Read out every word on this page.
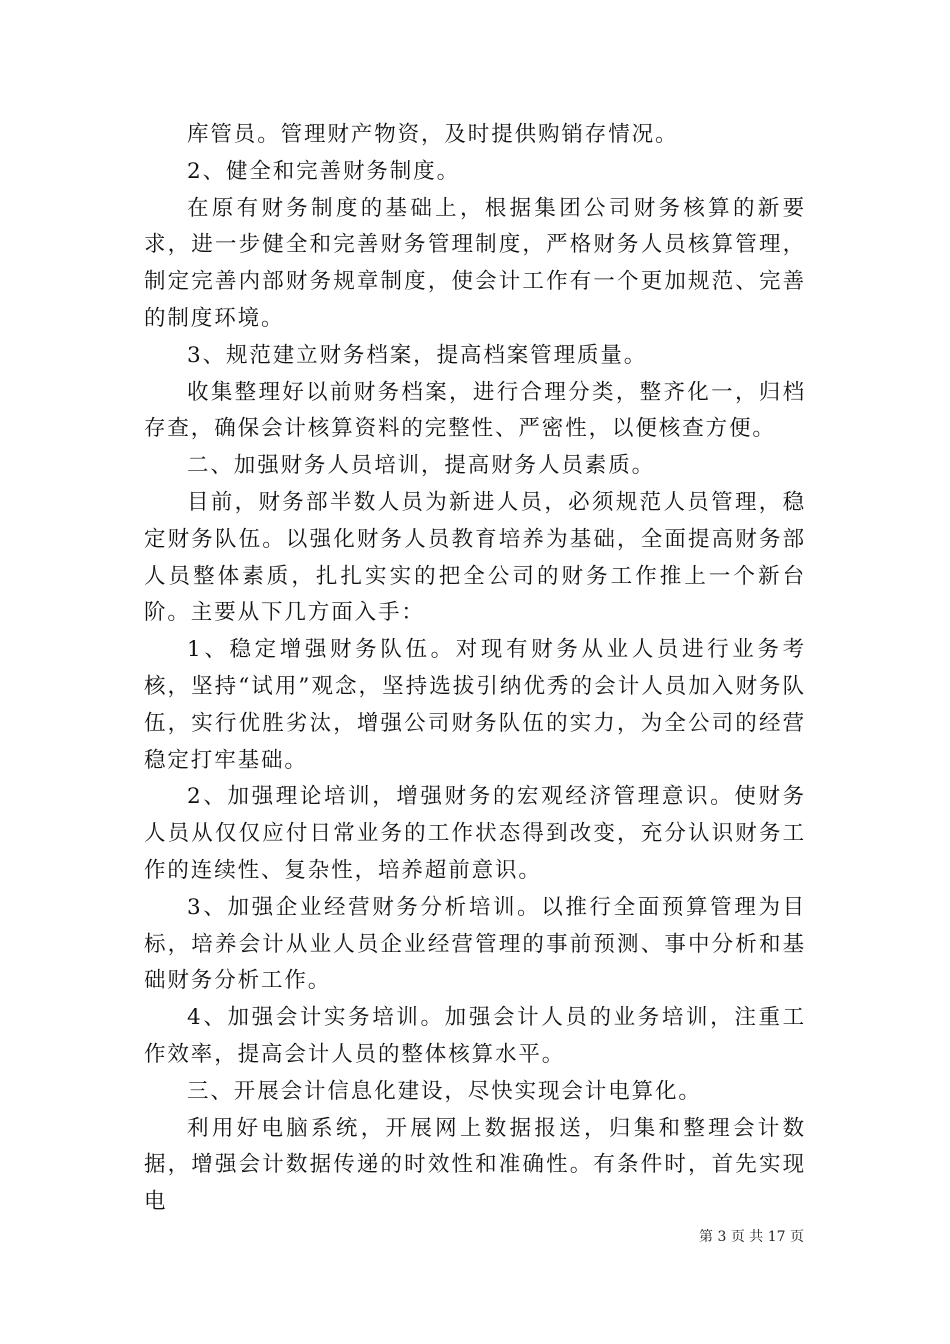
库管员。管理财产物资，及时提供购销存情况。

2、健全和完善财务制度。

在原有财务制度的基础上，根据集团公司财务核算的新要求，进一步健全和完善财务管理制度，严格财务人员核算管理，制定完善内部财务规章制度，使会计工作有一个更加规范、完善的制度环境。

3、规范建立财务档案，提高档案管理质量。

收集整理好以前财务档案，进行合理分类，整齐化一，归档存查，确保会计核算资料的完整性、严密性，以便核查方便。

二、加强财务人员培训，提高财务人员素质。

目前，财务部半数人员为新进人员，必须规范人员管理，稳定财务队伍。以强化财务人员教育培养为基础，全面提高财务部人员整体素质，扎扎实实的把全公司的财务工作推上一个新台阶。主要从下几方面入手：

1、稳定增强财务队伍。对现有财务从业人员进行业务考核，坚持“试用”观念，坚持选拔引纳优秀的会计人员加入财务队伍，实行优胜劣汰，增强公司财务队伍的实力，为全公司的经营稳定打牢基础。

2、加强理论培训，增强财务的宏观经济管理意识。使财务人员从仅仅应付日常业务的工作状态得到改变，充分认识财务工作的连续性、复杂性，培养超前意识。

3、加强企业经营财务分析培训。以推行全面预算管理为目标，培养会计从业人员企业经营管理的事前预测、事中分析和基础财务分析工作。

4、加强会计实务培训。加强会计人员的业务培训，注重工作效率，提高会计人员的整体核算水平。

三、开展会计信息化建设，尽快实现会计电算化。

利用好电脑系统，开展网上数据报送，归集和整理会计数据，增强会计数据传递的时效性和准确性。有条件时，首先实现电

第 3 页 共 17 页
